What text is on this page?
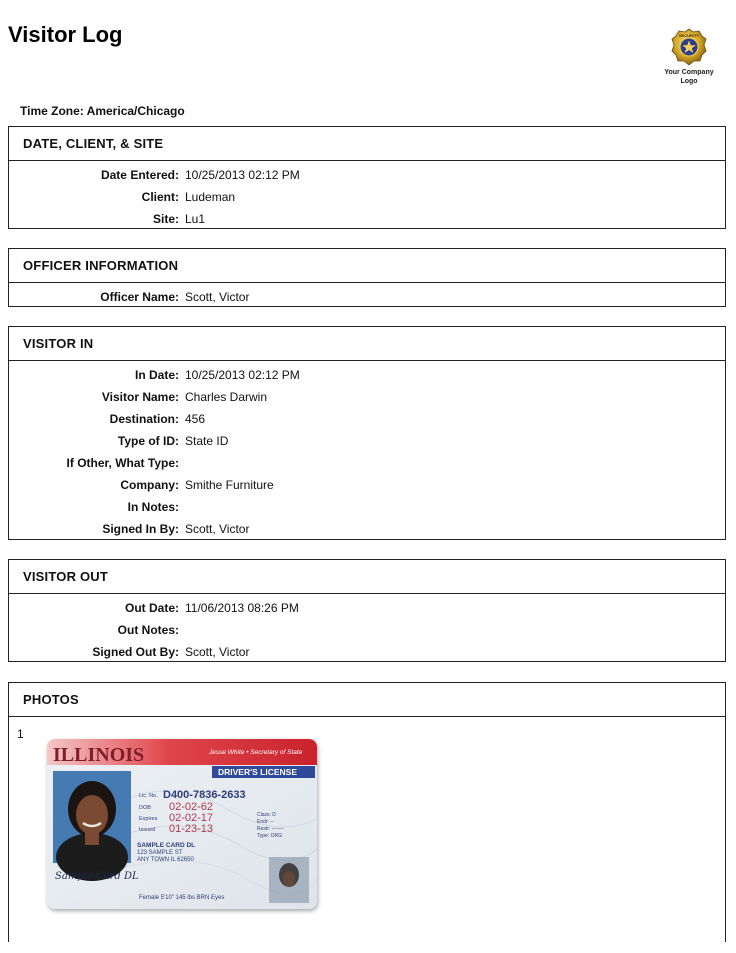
Visitor Log	SECURITY
Your Company
Logo
Time Zone: America/Chicago
DATE, CLIENT, & SITE
Date Entered: 10/25/2013 02:12 PM
Client: Ludeman
Site: Lu1
OFFICER INFORMATION
Officer Name: Scott, Victor
VISITOR IN
In Date: 10/25/2013 02:12 PM
Visitor Name: Charles Darwin
Destination: 456
Type of ID: State ID
If Other, What Type:
Company: Smithe Furniture
In Notes:
Signed In By: Scott, Victor
VISITOR OUT
Out Date: 11/06/2013 08:26 PM
Out Notes:
Signed Out By: Scott, Victor
PHOTOS
1
ILLINOIS	Jesse White • Secretary of State
DRIVER'S LICENSE
Lic. No. D400-7836-2633
DOB 02-02-62
Expires 02-02-17
Issued 01-23-13
Class: D
Endr: --
Restr: -------
Type: ORG
SAMPLE CARD DL
123 SAMPLE ST
ANY TOWN IL 62650
Female 5'10" 145 lbs BRN Eyes
Sample Card DL
